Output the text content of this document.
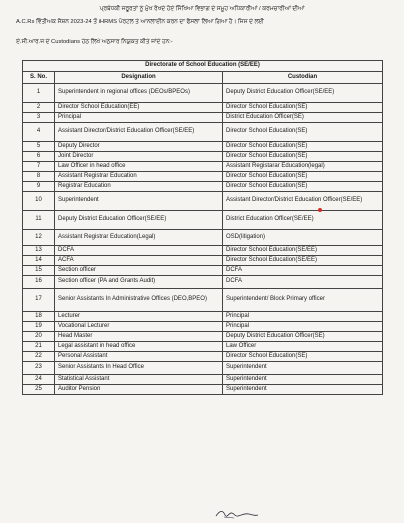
ਪ੍ਰਬੰਧਕੀ ਜਰੂਰਤਾਂ ਨੂੰ ਮੁੱਖ ਰੱਖਦੇ ਹੋਏ ਸਿੱਖਿਆ ਵਿਭਾਗ ਦੇ ਸਮੂਹ ਅਧਿਕਾਰੀਆਂ / ਕਰਮਚਾਰੀਆਂ ਦੀਆਂ
A.C.Rs ਵਿੱਤੀਅਕ ਸੈਸ਼ਨ 2023-24 ਤੋਂ iHRMS ਪੋਰਟਲ ਤੇ ਆਨਲਾਈਨ ਕਰਨ ਦਾ ਫੈਸਲਾ ਲਿਆ ਗਿਆ ਹੈ। ਜਿਸ ਦੇ ਲਈ
ਏ.ਸੀ.ਆਰ.ਜ ਦੇ Custodians ਹੇਠ ਲਿਖੇ ਅਨੁਸਾਰ ਨਿਯੁਕਤ ਕੀਤੇ ਜਾਂਦੇ ਹਨ:-
Directorate of School Education (SE/EE)		
S. No.	Designation	Custodian
1	Superintendent in regional offices (DEOs/BPEOs)	Deputy District Education Officer(SE/EE)
2	Director School Education(EE)	Director School Education(SE)
3	Principal	District Education Officer(SE)
4	Assistant Director/District Education Officer(SE/EE)	Director School Education(SE)
5	Deputy Director	Director School Education(SE)
6	Joint Director	Director School Education(SE)
7	Law Officer in head office	Assistant Registarar Education(legal)
8	Assistant Registrar Education	Director School Education(SE)
9	Registrar Education	Director School Education(SE)
10	Superintendent	Assistant Director/District Education Officer(SE/EE)
11	Deputy District Education Officer(SE/EE)	District Education Officer(SE/EE)
12	Assistant Registrar Education(Legal)	OSD(litigation)
13	DCFA	Director School Education(SE/EE)
14	ACFA	Director School Education(SE/EE)
15	Section officer	DCFA
16	Section officer (PA and Grants Audit)	DCFA
17	Senior Assistants In Administrative Offices (DEO,BPEO)	Superintendent/ Block Primary officer
18	Lecturer	Principal
19	Vocational Lecturer	Principal
20	Head Master	Deputy District Education Officer(SE)
21	Legal assistant in head office	Law Officer
22	Personal Assistant	Director School Education(SE)
23	Senior Assistants In Head Office	Superintendent
24	Statistical Assistant	Superintendent
25	Auditor Pension	Superintendent
